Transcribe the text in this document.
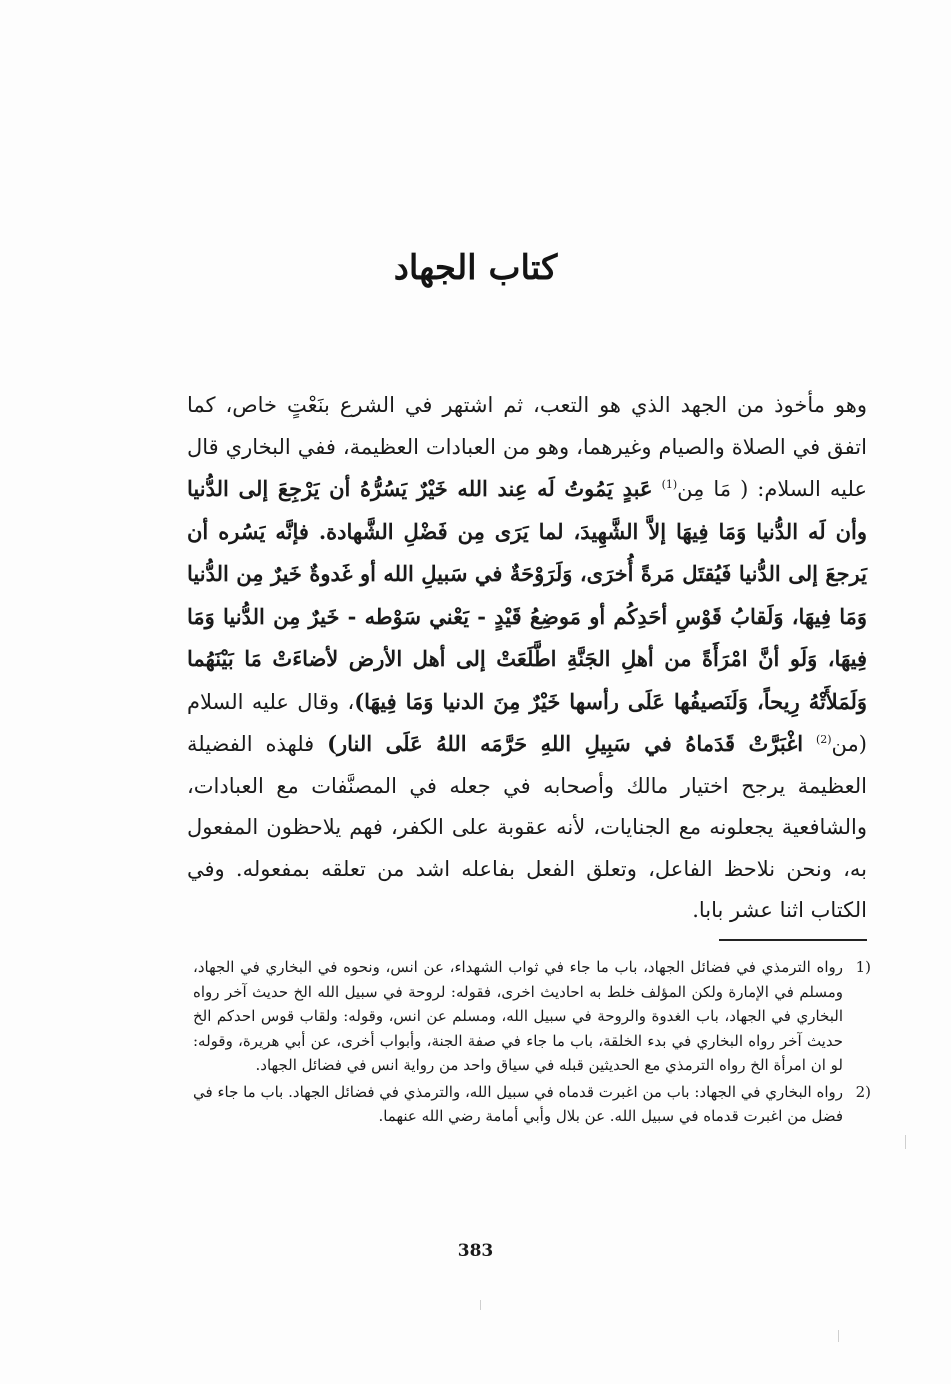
كتاب الجهاد

وهو مأخوذ من الجهد الذي هو التعب، ثم اشتهر في الشرع بنَعْتٍ خاص، كما اتفق في الصلاة والصيام وغيرهما، وهو من العبادات العظيمة، ففي البخاري قال عليه السلام: ( مَا مِن$^{(1)}$ عَبدٍ يَمُوتُ لَه عِند الله خَيْرٌ يَسُرُّهُ أن يَرْجِعَ إلى الدُّنيا وأن لَه الدُّنيا وَمَا فِيهَا إلاَّ الشَّهِيدَ، لما يَرَى مِن فَضْلِ الشَّهادة. فإنَّه يَسُره أن يَرجعَ إلى الدُّنيا فَيُقتَل مَرةً أُخرَى، وَلَرَوْحَةٌ في سَبيلِ الله أو غَدوةٌ خَيرٌ مِن الدُّنيا وَمَا فِيهَا، وَلَقابُ قَوْسِ أحَدِكُم أو مَوضِعُ قَيْدٍ - يَعْني سَوْطه - خَيرٌ مِن الدُّنيا وَمَا فِيهَا، وَلَو أنَّ امْرَأَةً من أهلِ الجَنَّةِ اطَّلَعَتْ إلى أهل الأرض لأضاءَتْ مَا بَيْنَهُما وَلَمَلأَتْهُ رِيحاً، وَلَنَصيفُها عَلَى رأسها خَيْرٌ مِنَ الدنيا وَمَا فِيهَا)، وقال عليه السلام (من$^{(2)}$ اغْبَرَّتْ قَدَماهُ في سَبِيلِ اللهِ حَرَّمَه اللهُ عَلَى النار) فلهذه الفضيلة العظيمة يرجح اختيار مالك وأصحابه في جعله في المصنَّفات مع العبادات، والشافعية يجعلونه مع الجنايات، لأنه عقوبة على الكفر، فهم يلاحظون المفعول به، ونحن نلاحظ الفاعل، وتعلق الفعل بفاعله اشد من تعلقه بمفعوله. وفي الكتاب اثنا عشر بابا.

1)
رواه الترمذي في فضائل الجهاد، باب ما جاء في ثواب الشهداء، عن انس، ونحوه في البخاري في الجهاد، ومسلم في الإمارة ولكن المؤلف خلط به احاديث اخرى، فقوله: لروحة في سبيل الله الخ حديث آخر رواه البخاري في الجهاد، باب الغدوة والروحة في سبيل الله، ومسلم عن انس، وقوله: ولقاب قوس احدكم الخ حديث آخر رواه البخاري في بدء الخلقة، باب ما جاء في صفة الجنة، وأبواب أخرى، عن أبي هريرة، وقوله: لو ان امرأة الخ رواه الترمذي مع الحديثين قبله في سياق واحد من رواية انس في فضائل الجهاد.
2)
رواه البخاري في الجهاد: باب من اغبرت قدماه في سبيل الله، والترمذي في فضائل الجهاد. باب ما جاء في فضل من اغبرت قدماه في سبيل الله. عن بلال وأبي أمامة رضي الله عنهما.
383
